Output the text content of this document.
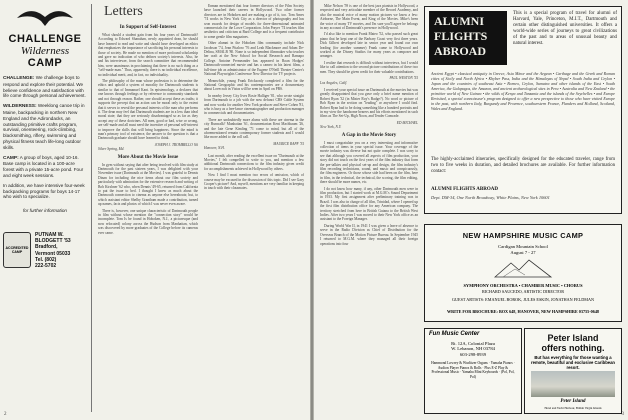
CHALLENGE
Wilderness
CAMP

CHALLENGE: We challenge boys to respond and explore their potential. We believe confidence and satisfaction with life come through personal achievement.

WILDERNESS: Weeklong canoe trip in Maine, backpacking in northern New England and the Adirondacks, an outstanding primitive crafts program, survival, orienteering, rock-climbing, blacksmithing, riflery, swimming and physical fitness teach life-long outdoor skills.

CAMP: A group of boys, aged 10-16. Base camp is located in a 100-acre forest with a private 15-acre pond. Four and eight week sessions.

In addition, we have intensive four-week backpacking programs for boys 14-17 who wish to specialize.

for further information

ACCREDITED CAMP
PUTNAM W.
BLODGETT '53
Bradford,
Vermont 05033
Tel. (802)
222-5702
Letters
In Support of Self-Interest

What should a student gain from his four years of Dartmouth? According to Edward Shanahan, newly appointed dean, he should have learned to read and write and should have developed an ethics that emphasizes the importance of sacrificing his personal interests to those of society. He made no mention of more profound scholarship and gave no indication of who defines society's interests. Also, he and his interviewer, from the search committee that recommended him, were unanimous in proclaiming that there is no such thing as a "self-made man." Thus, apparently, there is no individual excellence, no individual merit, and, in fact, no individuality.

The philosophy of the man whose profession is to determine the ethics and uphold a system of morality for Dartmouth students is similar to that of Immanuel Kant. In epistemology, a declares that one knows through feelings or by reference to community standards and not through reason. Rather, one should accept these as truths; it supports the precept that an action can be moral only to the extent that it serves to reveal the personal interests of the man who performs it. The dean may feel that Dartmouth students are in a less than ideal moral state; that they are seriously disadvantaged so as far as they accept any of these doctrines. All men, good or bad, wise or wrong, are self-made and all must need the incentive of personal self-interest to improve the skills that will bring happiness. Since the mind is man's primary tool of existence, the answer to the question is that a Dartmouth graduate should have learned to think.

JOSEPH J. TROMBELLO '66
Silver Spring, Md.
More About the Movie Issue

In gym without saying that after being involved with film study at Dartmouth for the past sixteen years, I was delighted with your November issue (Dartmouth at the Movies). I was grateful to Dennis Dinan for including the nice items about our film society and particularly with admiration for the extensive research and writing of Bob Kirshner '62 who, when Dennis '49-65, returned from California to put the issue to bed. I thought I knew as much about the Dartmouth connection to cinema as anyone else hereabouts; but, to which assistant editor Shelby Grantham made a contribution, turned up names, facts and photos of which I was never even aware.

There is, however, one unique characteristic of Dartmouth people in film without whose mention the "connection story" would be incomplete. Tom Is be found in Hoboken, N.J., a picturesque (and now relocated) colony across the Hudson from Manhattan, which was discovered by more graduates of the College before its cameras ever came.

Enman mentioned that four former directors of the Film Society have launched their careers in Hollywood. Two other former directors are in Hoboken and are making a go of it, too. Tom Ames '74 works in New York City as a director of photography and has won awards for design of models for three-dimensional animated commercials for the Lowe Corporation. John Prayer '74 teaches film aesthetics and criticism at Bard College and is a frequent contributor to some gentle film magazines.

Other alumni in the Hoboken film community include Nick Jacobson '74, Jean Pitaloro '76 and Leah Blackmore and Adam De-Delina, SMALB '80. None is so independent filmmaker who teaches her craft at the New School for Social Research and Ramapo College. Antoine Permeander has appeared in Roan Hodges' Dartmouth-connected movie and has a cameo in his latest films, a full-time job as administrator of the Eugene O'Neill Theater Center's National Playwrights Conference New Director for TV projects.

Meanwhile, young Frank Ericksonly completed a film for the National Geographic and his contemporaries are a documentary about Lovecraft in Vistas will be seen in April on PBS.

In nearby Jersey City lives Rosie Halliger '81, who wrote straight from Dartmouth to a job with the now defunct CBS Cable System and now works for another New York producer and Steve Cohen '81, who is busy as a free-lance cinematographer and production manager in commercials and documentaries.

There are undoubtedly more alums with these are cinema in the city Bunwalk? Manhattan '61, documentarian Kent Machbaum '26, and the late Gene Kimling '71 come to mind, but all of the aforementioned remain contemporary former students and I would like more added to the roll call.

MAURICE RAPF '35
Hanover, N.H.

Last month, after reading the excellent issue on "Dartmouth at the Movies," I felt compelled to write to you, and mention a few additional Dartmouth connections to the film industry given credit for accomplishments achieved in Hollywood by others.

Now I find I must mention two errors of omission, which of course may be excused in the discussion of this topic. Did I see Gary Cooper's picture? And, myself, mentions are very familiar in keeping in touch with their classmates.

2

Mike Nelson '59 is one of the best jazz pianists in Hollywood, a respected and very articulate member of the Record Academy, and also the musical voice of many motion pictures we know a few: Airborne, The Main Event, and King of the Movies. Mike's been the voice of many TV movies, and I'm sure you'll agree he belongs in any account of Dartmouth's presence in Hollywood.

I'd also like to mention Frank Mateo '52, who passed such great piano that he kept one of the Barbary Coast very first three years. Dick Gilbert developed late in senior year and found our own leading (for another summer) Frank came to Hollywood and worked at the Disney Studios for many years as composer and arranger.

I realize that research is difficult without interviews, but I would like to call attention to the second picture contributions of these two men. They should be given credit for their valuable contributions.

PAUL WESTON '55
Los Angeles, Calif.

I received your special issue on Dartmouth at the movies but was greatly disappointed that you gave only a brief name mention of Robert Ryan '32 (in Mister Roy's Badge?). No word or picture of Bob Ryan in the section on "leading" or anywhere I could find. Robert Ryan had to be doing something like a hundred portraits and in my view the handsome bearers and his efforts mentioned in such films as The Set-Up, High Noon, and Tender Comrade.

ED MICHAEL
New York, N.Y.
A Gap in the Movie Story

I must congratulate you on a very interesting and informative collection of items in your special issue. Your coverage of the movie industry was diverse but not quite complete. I was sorry to see that although you covered all aspects of film production, your story did not touch on the first years of the film industry that form the pre-talkies and physical set-up and design, the film industry's film recording technicians, sound, and music and conspicuously, the film engineers. Or those whose side had been on the film, here in film, in the technical, the technical, the scoring, the film editing, there should be more names, etc.

I do not know how many, if any, other Dartmouth men were in film production, but I started work at M.G.M.'s Sound Department in 1933. My first assignment after preliminary training was in Brazil. I was also in charge of all film, Trinidad, where I opened up the first film distribution office for any American company. The territory stretched from here in British Guiana to the British West Indies. After two years I was moved to their New York office as an assistant to the Foreign Manager.

During World War II, in 1941 I was given a leave of absence to serve in the Radio Division as Chief of Distribution for the Overseas Branch of the Motion Picture Bureau. In September 1945 I returned to M.G.M. where they managed all their foreign operations into four

ALUMNI
FLIGHTS
ABROAD
This is a special program of travel for alumni of Harvard, Yale, Princeton, M.I.T., Dartmouth and certain other distinguished universities. It offers a world-wide series of journeys to great civilizations of the past and to areas of unusual beauty and natural interest.
Ancient Egypt • classical antiquity in Greece, Asia Minor and the Aegean • Carthage and the Greek and Roman cities of Sicily and North Africa • Khyber Pass, India and the Himalayas of Nepal • South India and Ceylon • Japan and the countries of southeast Asia • Borneo, Ceylon, Sumatra and other islands of the East • South America, the Galapagos, the Amazon, and ancient archaeological sites in Peru • Australia and New Zealand • the primitive world of New Guinea • the wilds of Kenya and Tanzania and the islands of the Seychelles • and Europe Revisited, a special connoisseur's program designed to offer a new perspective to those who have visited Europe in the past, with northern Italy, Burgundy and Provence, southwestern France, Flanders and Holland, Scotland, Wales and England.
The highly-acclaimed itineraries, specifically designed for the educated traveler, range from two to five weeks in duration, and detailed brochures are available. For further information contact:
ALUMNI FLIGHTS ABROAD
Dept. DM-34, One North Broadway, White Plains, New York 10601
NEW HAMPSHIRE MUSIC CAMP
Cardigan Mountain School
August 7 - 27
SYMPHONY ORCHESTRA • CHAMBER MUSIC • CHORUS
RICHARD SAUCEDO, ARTISTIC DIRECTOR
GUEST ARTISTS: EMANUEL BOROK, JULES ESKIN, JONATHAN FELDMAN
WRITE FOR BROCHURE: BOX 648, HANOVER, NEW HAMPSHIRE 03755-0648
Fun Music Center
Rt. 12A, Colonial Plaza
W. Lebanon, NH 03784
603-298-8939
Hammond Lowrey & Wurlitzer Organs · Yamaha Pianos · Audion Player Pianos & Rolls · Plus E-Z Play & Professional Music · Yamaha Mini Keyboards · (Pol, Pol, Pol)
Peter Island
offers nothing.
But has everything for those wanting a remote, beautiful and exclusive Caribbean resort.
Peter Island
Hotel and Yacht Harbour, British Virgin Islands
3
